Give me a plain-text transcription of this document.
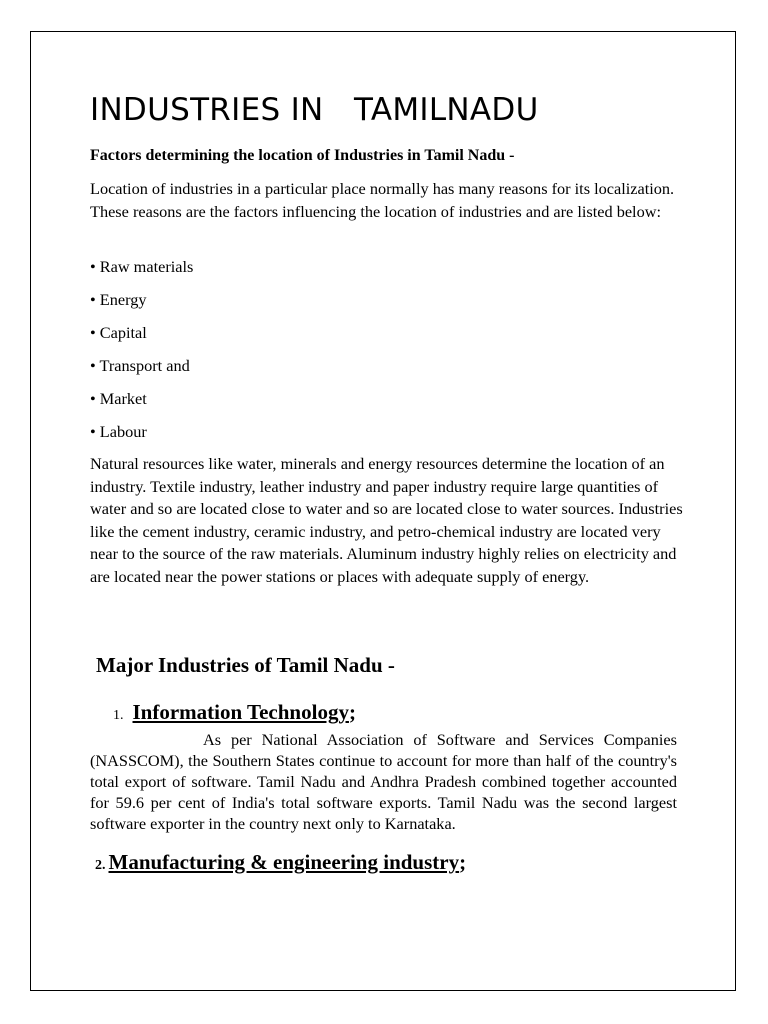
INDUSTRIES IN   TAMILNADU

Factors determining the location of Industries in Tamil Nadu -

Location of industries in a particular place normally has many reasons for its localization. These reasons are the factors influencing the location of industries and are listed below:

• Raw materials
• Energy
• Capital
• Transport and
• Market
• Labour

Natural resources like water, minerals and energy resources determine the location of an industry. Textile industry, leather industry and paper industry require large quantities of water and so are located close to water and so are located close to water sources. Industries like the cement industry, ceramic industry, and petro-chemical industry are located very near to the source of the raw materials. Aluminum industry highly relies on electricity and are located near the power stations or places with adequate supply of energy.

Major Industries of Tamil Nadu -
1. Information Technology;

As per National Association of Software and Services Companies (NASSCOM), the Southern States continue to account for more than half of the country's total export of software. Tamil Nadu and Andhra Pradesh combined together accounted for 59.6 per cent of India's total software exports. Tamil Nadu was the second largest software exporter in the country next only to Karnataka.

2. Manufacturing & engineering industry;
